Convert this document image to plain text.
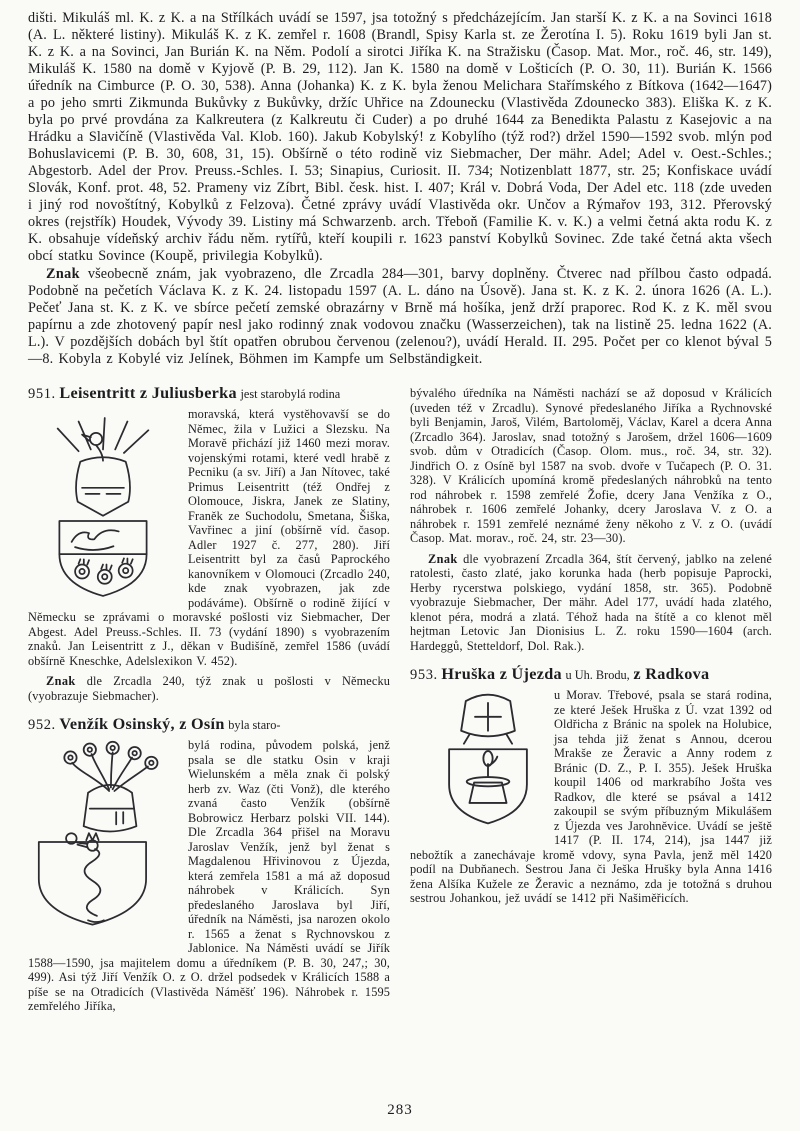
dišti. Mikuláš ml. K. z K. a na Střílkách uvádí se 1597, jsa totožný s předcházejícím. Jan starší K. z K. a na Sovinci 1618 (A. L. některé listiny). Mikuláš K. z K. zemřel r. 1608 (Brandl, Spisy Karla st. ze Žerotína I. 5). Roku 1619 byli Jan st. K. z K. a na Sovinci, Jan Burián K. na Něm. Podolí a sirotci Jiříka K. na Stražisku (Časop. Mat. Mor., roč. 46, str. 149), Mikuláš K. 1580 na domě v Kyjově (P. B. 29, 112). Jan K. 1580 na domě v Lošticích (P. O. 30, 11). Burián K. 1566 úředník na Cimburce (P. O. 30, 538). Anna (Johanka) K. z K. byla ženou Melichara Stařímského z Bítkova (1642—1647) a po jeho smrti Zikmunda Bukůvky z Bukůvky, držíc Uhřice na Zdounecku (Vlastivěda Zdounecko 383). Eliška K. z K. byla po prvé provdána za Kalkreutera (z Kalkreutu či Cuder) a po druhé 1644 za Benedikta Palastu z Kasejovic a na Hrádku a Slavičíně (Vlastivěda Val. Klob. 160). Jakub Kobylský! z Kobylího (týž rod?) držel 1590—1592 svob. mlýn pod Bohuslavicemi (P. B. 30, 608, 31, 15). Obšírně o této rodině viz Siebmacher, Der mähr. Adel; Adel v. Oest.-Schles.; Abgestorb. Adel der Prov. Preuss.-Schles. I. 53; Sinapius, Curiosit. II. 734; Notizenblatt 1877, str. 25; Konfiskace uvádí Slovák, Konf. prot. 48, 52. Prameny viz Zíbrt, Bibl. česk. hist. I. 407; Král v. Dobrá Voda, Der Adel etc. 118 (zde uveden i jiný rod novoštítný, Kobylků z Felzova). Četné zprávy uvádí Vlastivěda okr. Unčov a Rýmařov 193, 312. Přerovský okres (rejstřík) Houdek, Vývody 39. Listiny má Schwarzenb. arch. Třeboň (Familie K. v. K.) a velmi četná akta rodu K. z K. obsahuje vídeňský archiv řádu něm. rytířů, kteří koupili r. 1623 panství Kobylků Sovinec. Zde také četná akta všech obcí statku Sovince (Koupě, privilegia Kobylků).

Znak všeobecně znám, jak vyobrazeno, dle Zrcadla 284—301, barvy doplněny. Čtverec nad přílbou často odpadá. Podobně na pečetích Václava K. z K. 24. listopadu 1597 (A. L. dáno na Úsově). Jana st. K. z K. 2. února 1626 (A. L.). Pečeť Jana st. K. z K. ve sbírce pečetí zemské obrazárny v Brně má hošíka, jenž drží praporec. Rod K. z K. měl svou papírnu a zde zhotovený papír nesl jako rodinný znak vodovou značku (Wasserzeichen), tak na listině 25. ledna 1622 (A. L.). V pozdějších dobách byl štít opatřen obrubou červenou (zelenou?), uvádí Herald. II. 295. Počet per co klenot býval 5—8. Kobyla z Kobylé viz Jelínek, Böhmen im Kampfe um Selbständigkeit.

951. Leisentritt z Juliusberka jest starobylá rodina

moravská, která vystěhovavší se do Němec, žila v Lužici a Slezsku. Na Moravě přichází již 1460 mezi morav. vojenskými rotami, které vedl hrabě z Pecniku (a sv. Jiří) a Jan Nítovec, také Primus Leisentritt (též Ondřej z Olomouce, Jiskra, Janek ze Slatiny, Franěk ze Suchodolu, Smetana, Šiška, Vavřinec a jiní (obšírně víd. časop. Adler 1927 č. 277, 280). Jiří Leisentritt byl za časů Paprockého kanovníkem v Olomouci (Zrcadlo 240, kde znak vyobrazen, jak zde podáváme). Obšírně o rodině žijící v Německu se zprávami o moravské pošlosti viz Siebmacher, Der Abgest. Adel Preuss.-Schles. II. 73 (vydání 1890) s vyobrazením znaků. Jan Leisentritt z J., děkan v Budišíně, zemřel 1586 (uvádí obšírně Kneschke, Adelslexikon V. 452).

Znak dle Zrcadla 240, týž znak u pošlosti v Německu (vyobrazuje Siebmacher).

952. Venžík Osinský, z Osín byla staro-

bylá rodina, původem polská, jenž psala se dle statku Osin v kraji Wielunském a měla znak či polský herb zv. Waz (čti Vonž), dle kterého zvaná často Venžík (obšírně Bobrowicz Herbarz polski VII. 144). Dle Zrcadla 364 přišel na Moravu Jaroslav Venžík, jenž byl ženat s Magdalenou Hřivinovou z Újezda, která zemřela 1581 a má až doposud náhrobek v Králicích. Syn předeslaného Jaroslava byl Jiří, úředník na Náměsti, jsa narozen okolo r. 1565 a ženat s Rychnovskou z Jablonice. Na Náměsti uvádí se Jiřík 1588—1590, jsa majitelem domu a úředníkem (P. B. 30, 247,; 30, 499). Asi týž Jiří Venžík O. z O. držel podsedek v Králicích 1588 a píše se na Otradicích (Vlastivěda Náměšť 196). Náhrobek r. 1595 zemřelého Jiříka,

bývalého úředníka na Náměsti nachází se až doposud v Králicích (uveden též v Zrcadlu). Synové předeslaného Jiříka a Rychnovské byli Benjamin, Jaroš, Vilém, Bartoloměj, Václav, Karel a dcera Anna (Zrcadlo 364). Jaroslav, snad totožný s Jarošem, držel 1606—1609 svob. dům v Otradicích (Časop. Olom. mus., roč. 34, str. 32). Jindřich O. z Osíně byl 1587 na svob. dvoře v Tučapech (P. O. 31. 328). V Králicích upomíná kromě předeslaných náhrobků na tento rod náhrobek r. 1598 zemřelé Žofie, dcery Jana Venžíka z O., náhrobek r. 1606 zemřelé Johanky, dcery Jaroslava V. z O. a náhrobek r. 1591 zemřelé neznámé ženy někoho z V. z O. (uvádí Časop. Mat. morav., roč. 24, str. 23—30).

Znak dle vyobrazení Zrcadla 364, štít červený, jablko na zelené ratolesti, často zlaté, jako korunka hada (herb popisuje Paprocki, Herby rycerstwa polskiego, vydání 1858, str. 365). Podobně vyobrazuje Siebmacher, Der mähr. Adel 177, uvádí hada zlatého, klenot péra, modrá a zlatá. Téhož hada na štítě a co klenot měl hejtman Letovic Jan Dionisius L. Z. roku 1590—1604 (arch. Hardeggů, Stetteldorf, Dol. Rak.).

953. Hruška z Újezda u Uh. Brodu, z Radkova

u Morav. Třebové, psala se stará rodina, ze které Ješek Hruška z Ú. vzat 1392 od Oldřicha z Bránic na spolek na Holubice, jsa tehda již ženat s Annou, dcerou Mrakše ze Žeravic a Anny rodem z Bránic (D. Z., P. I. 355). Ješek Hruška koupil 1406 od markrabího Jošta ves Radkov, dle které se psával a 1412 zakoupil se svým příbuzným Mikulášem z Újezda ves Jarohněvice. Uvádí se ještě 1417 (P. II. 174, 214), jsa 1447 již nebožtík a zanechávaje kromě vdovy, syna Pavla, jenž měl 1420 podíl na Dubňanech. Sestrou Jana či Ješka Hrušky byla Anna 1416 žena Alšíka Kužele ze Žeravic a neznámo, zda je totožná s druhou sestrou Johankou, jež uvádí se 1412 při Našiměřicích.

283
